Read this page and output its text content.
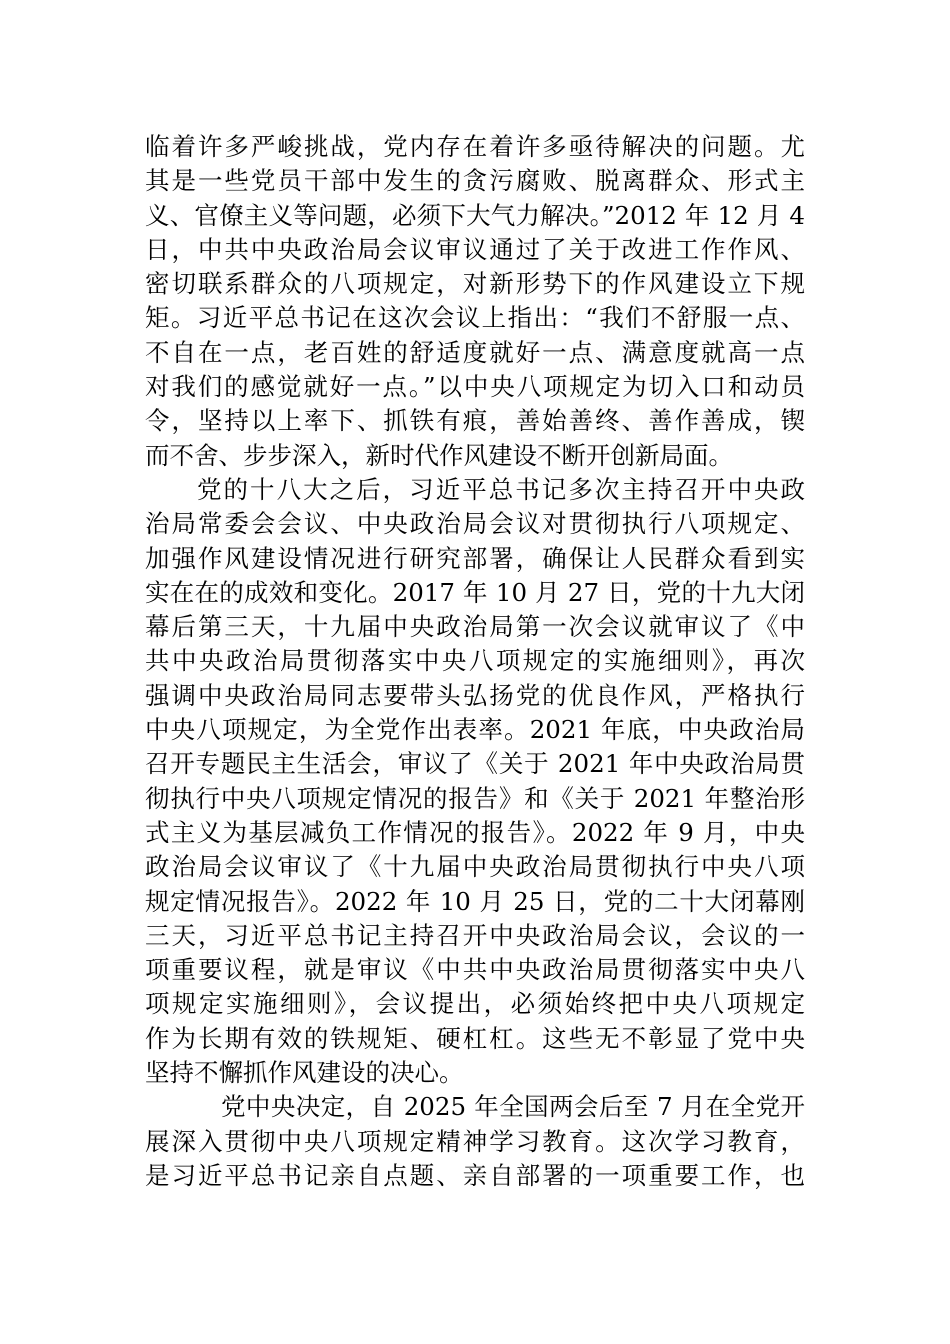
临着许多严峻挑战，党内存在着许多亟待解决的问题。尤
其是一些党员干部中发生的贪污腐败、脱离群众、形式主
义、官僚主义等问题，必须下大气力解决。”2012 年 12 月 4
日，中共中央政治局会议审议通过了关于改进工作作风、
密切联系群众的八项规定，对新形势下的作风建设立下规
矩。习近平总书记在这次会议上指出：“我们不舒服一点、
不自在一点，老百姓的舒适度就好一点、满意度就高一点
对我们的感觉就好一点。”以中央八项规定为切入口和动员
令，坚持以上率下、抓铁有痕，善始善终、善作善成，锲
而不舍、步步深入，新时代作风建设不断开创新局面。
党的十八大之后，习近平总书记多次主持召开中央政
治局常委会会议、中央政治局会议对贯彻执行八项规定、
加强作风建设情况进行研究部署，确保让人民群众看到实
实在在的成效和变化。2017 年 10 月 27 日，党的十九大闭
幕后第三天，十九届中央政治局第一次会议就审议了《中
共中央政治局贯彻落实中央八项规定的实施细则》，再次
强调中央政治局同志要带头弘扬党的优良作风，严格执行
中央八项规定，为全党作出表率。2021 年底，中央政治局
召开专题民主生活会，审议了《关于 2021 年中央政治局贯
彻执行中央八项规定情况的报告》和《关于 2021 年整治形
式主义为基层减负工作情况的报告》。2022 年 9 月，中央
政治局会议审议了《十九届中央政治局贯彻执行中央八项
规定情况报告》。2022 年 10 月 25 日，党的二十大闭幕刚
三天，习近平总书记主持召开中央政治局会议，会议的一
项重要议程，就是审议《中共中央政治局贯彻落实中央八
项规定实施细则》，会议提出，必须始终把中央八项规定
作为长期有效的铁规矩、硬杠杠。这些无不彰显了党中央
坚持不懈抓作风建设的决心。
党中央决定，自 2025 年全国两会后至 7 月在全党开
展深入贯彻中央八项规定精神学习教育。这次学习教育，
是习近平总书记亲自点题、亲自部署的一项重要工作，也
